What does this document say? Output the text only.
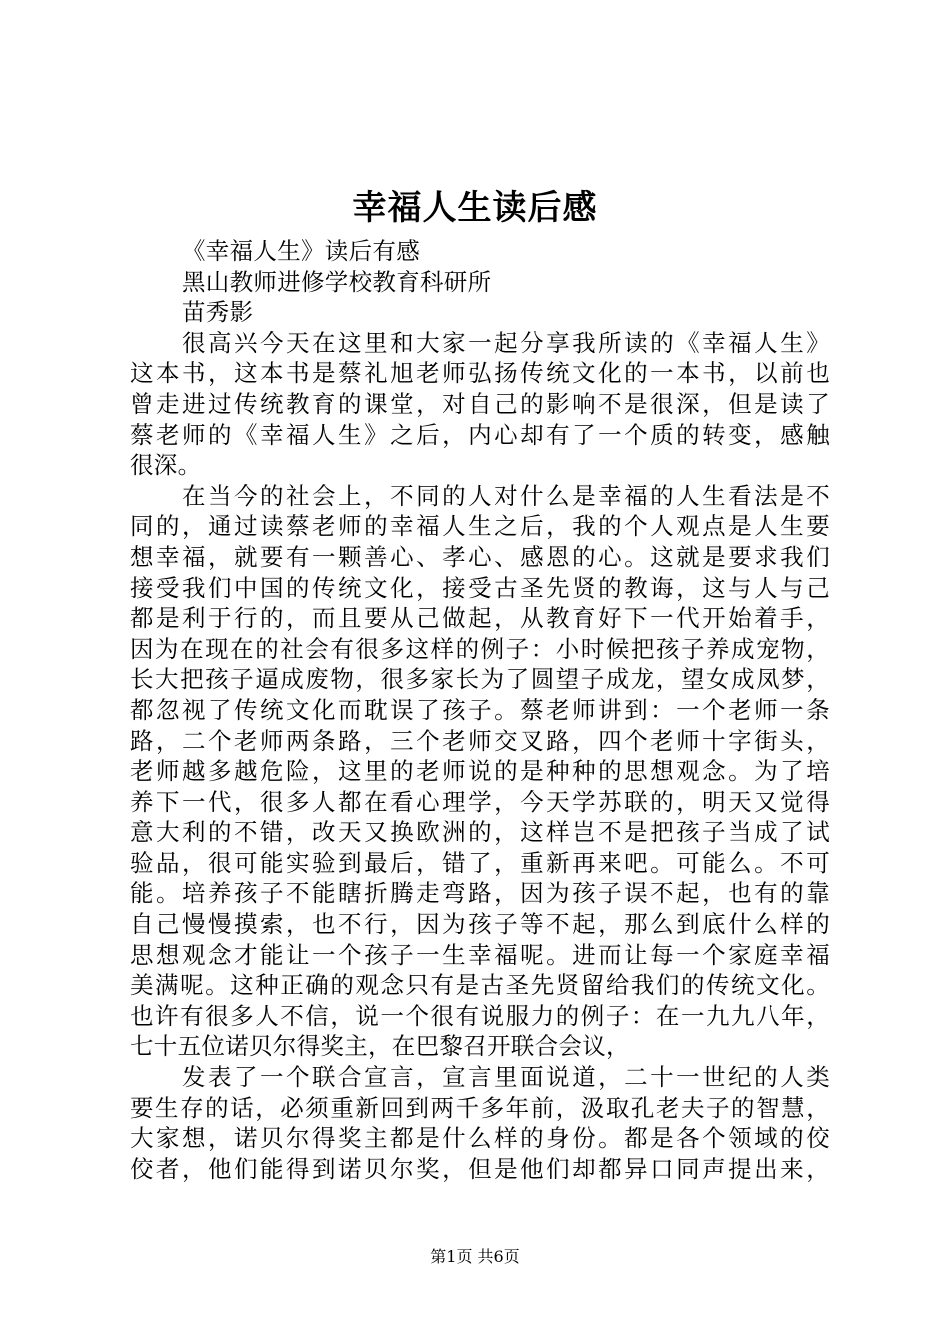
幸福人生读后感
《幸福人生》读后有感
黑山教师进修学校教育科研所
苗秀影
很高兴今天在这里和大家一起分享我所读的《幸福人生》
这本书，这本书是蔡礼旭老师弘扬传统文化的一本书，以前也
曾走进过传统教育的课堂，对自己的影响不是很深，但是读了
蔡老师的《幸福人生》之后，内心却有了一个质的转变，感触
很深。
在当今的社会上，不同的人对什么是幸福的人生看法是不
同的，通过读蔡老师的幸福人生之后，我的个人观点是人生要
想幸福，就要有一颗善心、孝心、感恩的心。这就是要求我们
接受我们中国的传统文化，接受古圣先贤的教诲，这与人与己
都是利于行的，而且要从己做起，从教育好下一代开始着手，
因为在现在的社会有很多这样的例子：小时候把孩子养成宠物，
长大把孩子逼成废物，很多家长为了圆望子成龙，望女成凤梦，
都忽视了传统文化而耽误了孩子。蔡老师讲到：一个老师一条
路，二个老师两条路，三个老师交叉路，四个老师十字街头，
老师越多越危险，这里的老师说的是种种的思想观念。为了培
养下一代，很多人都在看心理学，今天学苏联的，明天又觉得
意大利的不错，改天又换欧洲的，这样岂不是把孩子当成了试
验品，很可能实验到最后，错了，重新再来吧。可能么。不可
能。培养孩子不能瞎折腾走弯路，因为孩子误不起，也有的靠
自己慢慢摸索，也不行，因为孩子等不起，那么到底什么样的
思想观念才能让一个孩子一生幸福呢。进而让每一个家庭幸福
美满呢。这种正确的观念只有是古圣先贤留给我们的传统文化。
也许有很多人不信，说一个很有说服力的例子：在一九九八年，
七十五位诺贝尔得奖主，在巴黎召开联合会议，
发表了一个联合宣言，宣言里面说道，二十一世纪的人类
要生存的话，必须重新回到两千多年前，汲取孔老夫子的智慧，
大家想，诺贝尔得奖主都是什么样的身份。都是各个领域的佼
佼者，他们能得到诺贝尔奖，但是他们却都异口同声提出来，
第1页 共6页
